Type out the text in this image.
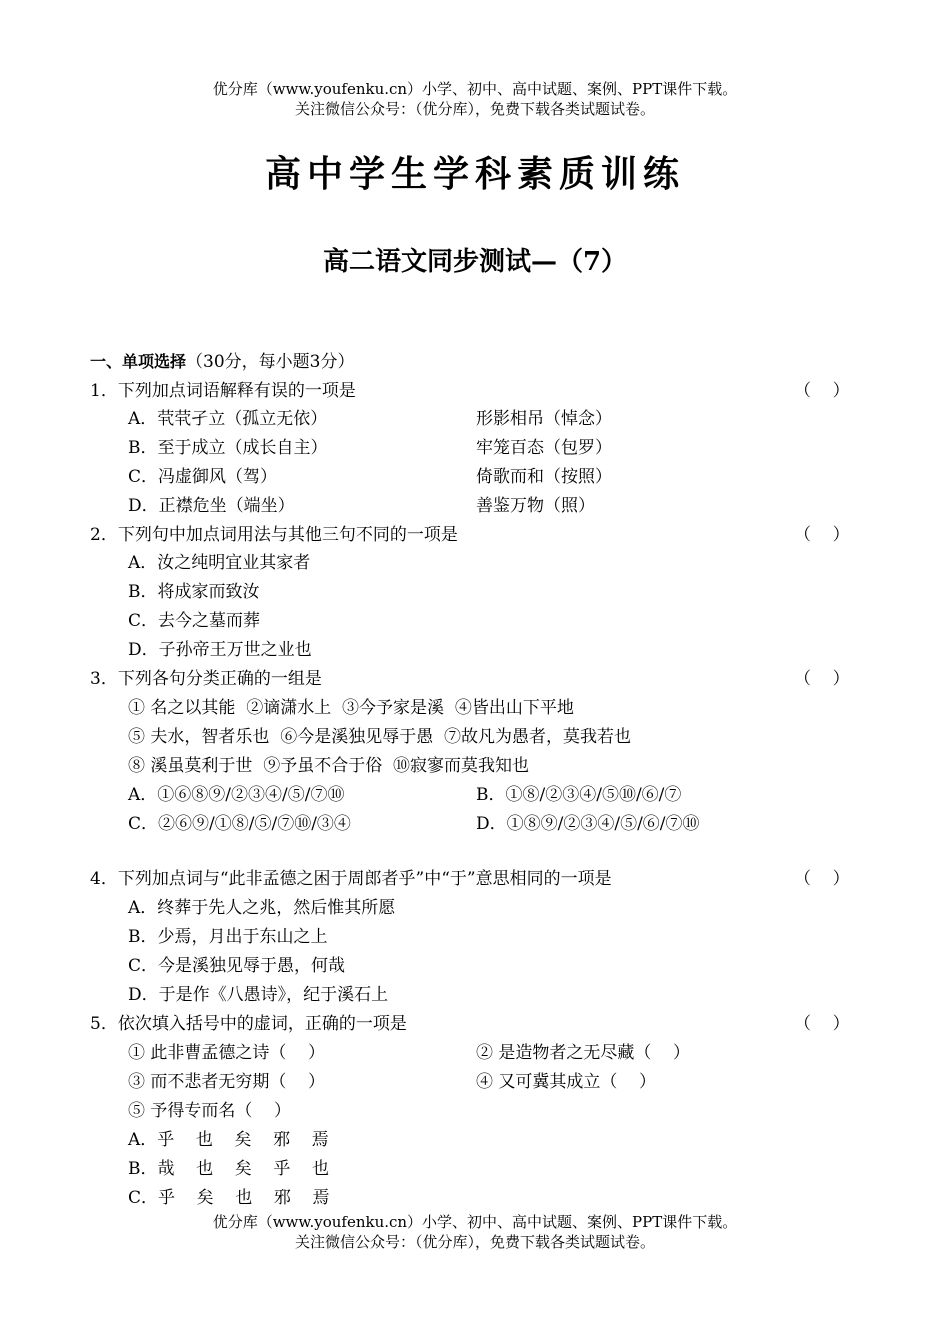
优分库（www.youfenku.cn）小学、初中、高中试题、案例、PPT课件下载。
关注微信公众号：（优分库），免费下载各类试题试卷。
高中学生学科素质训练
高二语文同步测试—（7）
一、单项选择（30分，每小题3分）
1．下列加点词语解释有误的一项是	（    ）
A．茕茕孑立（孤立无依）	形影相吊（悼念）
B．至于成立（成长自主）	牢笼百态（包罗）
C．冯虚御风（驾）	倚歌而和（按照）
D．正襟危坐（端坐）	善鉴万物（照）
2．下列句中加点词用法与其他三句不同的一项是	（    ）
A．汝之纯明宜业其家者
B．将成家而致汝
C．去今之墓而葬
D．子孙帝王万世之业也
3．下列各句分类正确的一组是	（    ）
① 名之以其能  ②谪潇水上  ③今予家是溪  ④皆出山下平地
⑤ 夫水，智者乐也  ⑥今是溪独见辱于愚  ⑦故凡为愚者，莫我若也
⑧ 溪虽莫利于世  ⑨予虽不合于俗  ⑩寂寥而莫我知也
A．①⑥⑧⑨/②③④/⑤/⑦⑩	B．①⑧/②③④/⑤⑩/⑥/⑦
C．②⑥⑨/①⑧/⑤/⑦⑩/③④	D．①⑧⑨/②③④/⑤/⑥/⑦⑩
4．下列加点词与“此非孟德之困于周郎者乎”中“于”意思相同的一项是	（    ）
A．终葬于先人之兆，然后惟其所愿
B．少焉，月出于东山之上
C．今是溪独见辱于愚，何哉
D．于是作《八愚诗》，纪于溪石上
5．依次填入括号中的虚词，正确的一项是	（    ）
① 此非曹孟德之诗（    ）	② 是造物者之无尽藏（    ）
③ 而不悲者无穷期（    ）	④ 又可冀其成立（    ）
⑤ 予得专而名（    ）
A．乎    也    矣    邪    焉
B．哉    也    矣    乎    也
C．乎    矣    也    邪    焉
优分库（www.youfenku.cn）小学、初中、高中试题、案例、PPT课件下载。
关注微信公众号：（优分库），免费下载各类试题试卷。
